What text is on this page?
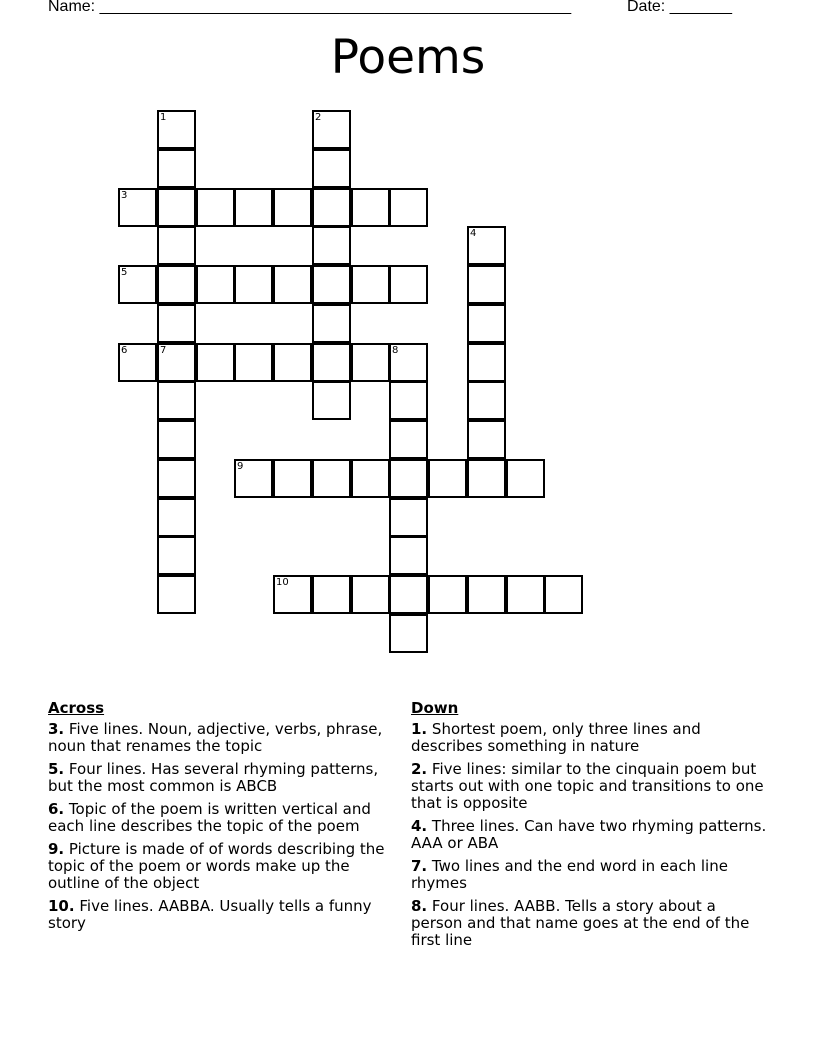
Name: _____________________________________________________	Date: _______
Poems
1	2
3
4
5
6	7	8
9
10
Across
3. Five lines. Noun, adjective, verbs, phrase, noun that renames the topic
5. Four lines. Has several rhyming patterns, but the most common is ABCB
6. Topic of the poem is written vertical and each line describes the topic of the poem
9. Picture is made of of words describing the topic of the poem or words make up the outline of the object
10. Five lines. AABBA. Usually tells a funny story
Down
1. Shortest poem, only three lines and describes something in nature
2. Five lines: similar to the cinquain poem but starts out with one topic and transitions to one that is opposite
4. Three lines. Can have two rhyming patterns. AAA or ABA
7. Two lines and the end word in each line rhymes
8. Four lines. AABB. Tells a story about a person and that name goes at the end of the first line
